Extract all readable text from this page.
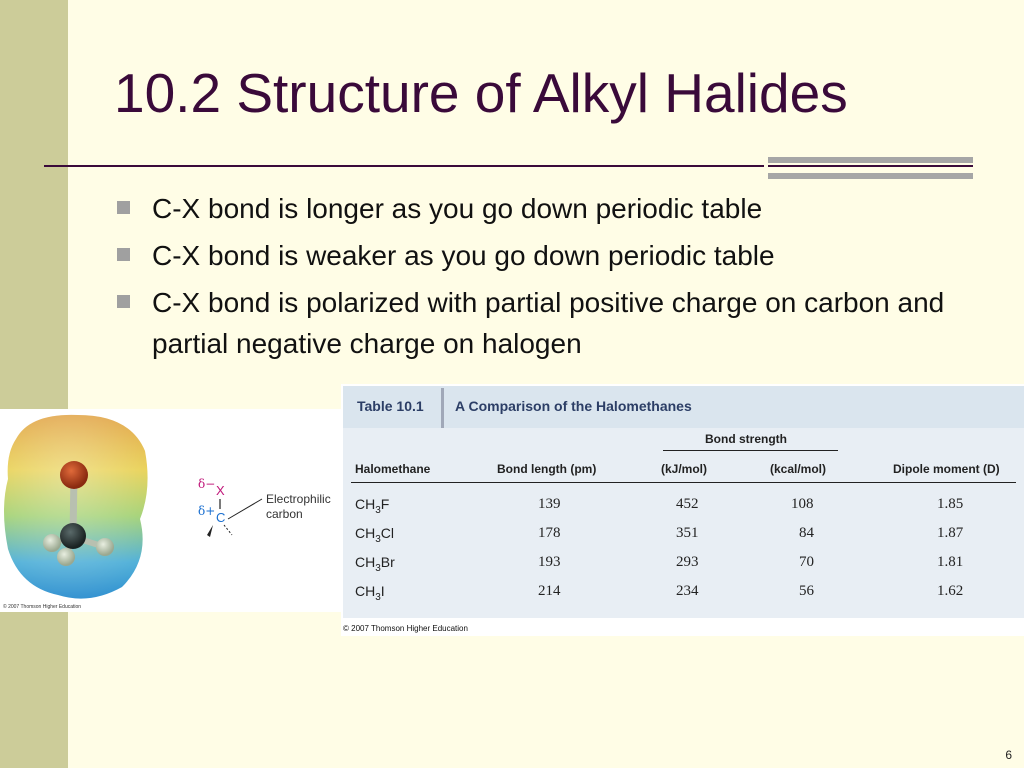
10.2 Structure of Alkyl Halides
C-X bond is longer as you go down periodic table
C-X bond is weaker as you go down periodic table
C-X bond is polarized with partial positive charge on carbon and partial negative charge on halogen
δ− X
δ+ C
Electrophilic
carbon
© 2007 Thomson Higher Education
Table 10.1 A Comparison of the Halomethanes
Bond strength
Halomethane	Bond length (pm)	(kJ/mol)	(kcal/mol)	Dipole moment (D)
$CH_3F$	139	452	108	1.85
$CH_3Cl$	178	351	84	1.87
$CH_3Br$	193	293	70	1.81
$CH_3I$	214	234	56	1.62
© 2007 Thomson Higher Education
6
